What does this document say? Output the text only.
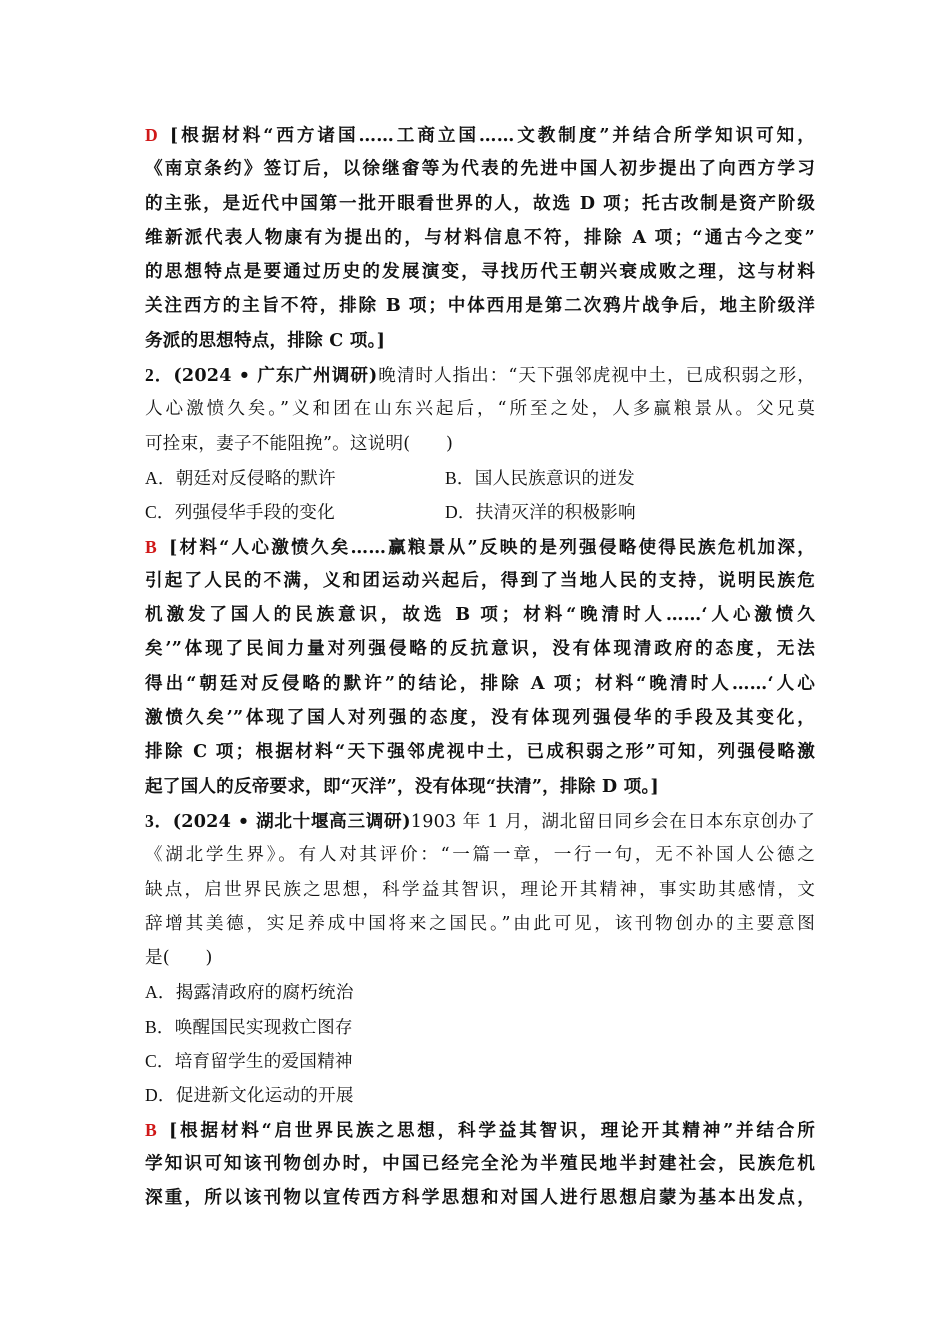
D [根据材料“西方诸国……工商立国……文教制度”并结合所学知识可知，
《南京条约》签订后，以徐继畬等为代表的先进中国人初步提出了向西方学习
的主张，是近代中国第一批开眼看世界的人，故选 D 项；托古改制是资产阶级
维新派代表人物康有为提出的，与材料信息不符，排除 A 项；“通古今之变”
的思想特点是要通过历史的发展演变，寻找历代王朝兴衰成败之理，这与材料
关注西方的主旨不符，排除 B 项；中体西用是第二次鸦片战争后，地主阶级洋
务派的思想特点，排除 C 项。]
2．(2024 • 广东广州调研)晚清时人指出：“天下强邻虎视中土，已成积弱之形，
人心激愤久矣。”义和团在山东兴起后，“所至之处，人多赢粮景从。父兄莫
可拴束，妻子不能阻挽”。这说明(　　)
A．朝廷对反侵略的默许	B．国人民族意识的迸发
C．列强侵华手段的变化	D．扶清灭洋的积极影响
B [材料“人心激愤久矣……赢粮景从”反映的是列强侵略使得民族危机加深，
引起了人民的不满，义和团运动兴起后，得到了当地人民的支持，说明民族危
机激发了国人的民族意识，故选 B 项；材料“晚清时人……‘人心激愤久
矣’”体现了民间力量对列强侵略的反抗意识，没有体现清政府的态度，无法
得出“朝廷对反侵略的默许”的结论，排除 A 项；材料“晚清时人……‘人心
激愤久矣’”体现了国人对列强的态度，没有体现列强侵华的手段及其变化，
排除 C 项；根据材料“天下强邻虎视中土，已成积弱之形”可知，列强侵略激
起了国人的反帝要求，即“灭洋”，没有体现“扶清”，排除 D 项。]
3．(2024 • 湖北十堰高三调研)1903 年 1 月，湖北留日同乡会在日本东京创办了
《湖北学生界》。有人对其评价：“一篇一章，一行一句，无不补国人公德之
缺点，启世界民族之思想，科学益其智识，理论开其精神，事实助其感情，文
辞增其美德，实足养成中国将来之国民。”由此可见，该刊物创办的主要意图
是(　　)
A．揭露清政府的腐朽统治
B．唤醒国民实现救亡图存
C．培育留学生的爱国精神
D．促进新文化运动的开展
B [根据材料“启世界民族之思想，科学益其智识，理论开其精神”并结合所
学知识可知该刊物创办时，中国已经完全沦为半殖民地半封建社会，民族危机
深重，所以该刊物以宣传西方科学思想和对国人进行思想启蒙为基本出发点，
